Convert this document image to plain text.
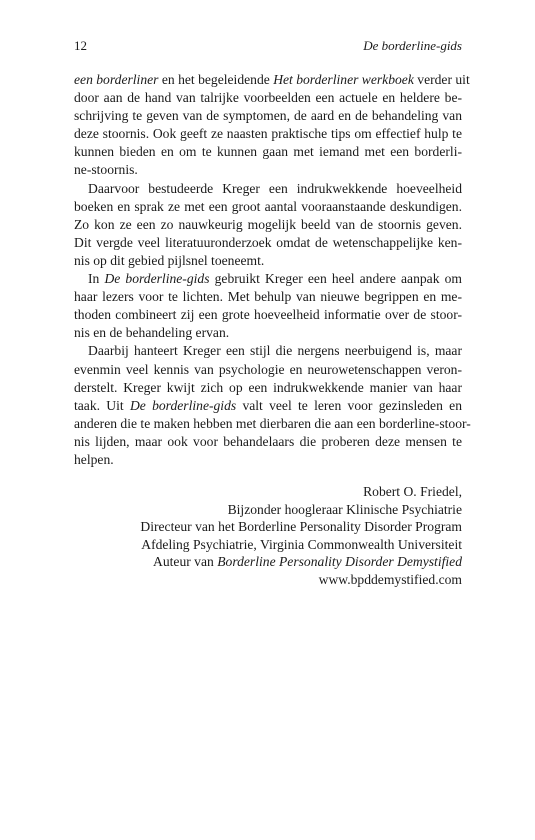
12	De borderline-gids
een borderliner en het begeleidende Het borderliner werkboek verder uit
door aan de hand van talrijke voorbeelden een actuele en heldere be-
schrijving te geven van de symptomen, de aard en de behandeling van
deze stoornis. Ook geeft ze naasten praktische tips om effectief hulp te
kunnen bieden en om te kunnen gaan met iemand met een borderli-
ne-stoornis.
Daarvoor bestudeerde Kreger een indrukwekkende hoeveelheid
boeken en sprak ze met een groot aantal vooraanstaande deskundigen.
Zo kon ze een zo nauwkeurig mogelijk beeld van de stoornis geven.
Dit vergde veel literatuuronderzoek omdat de wetenschappelijke ken-
nis op dit gebied pijlsnel toeneemt.
In De borderline-gids gebruikt Kreger een heel andere aanpak om
haar lezers voor te lichten. Met behulp van nieuwe begrippen en me-
thoden combineert zij een grote hoeveelheid informatie over de stoor-
nis en de behandeling ervan.
Daarbij hanteert Kreger een stijl die nergens neerbuigend is, maar
evenmin veel kennis van psychologie en neurowetenschappen veron-
derstelt. Kreger kwijt zich op een indrukwekkende manier van haar
taak. Uit De borderline-gids valt veel te leren voor gezinsleden en
anderen die te maken hebben met dierbaren die aan een borderline-stoor-
nis lijden, maar ook voor behandelaars die proberen deze mensen te
helpen.
Robert O. Friedel,
Bijzonder hoogleraar Klinische Psychiatrie
Directeur van het Borderline Personality Disorder Program
Afdeling Psychiatrie, Virginia Commonwealth Universiteit
Auteur van Borderline Personality Disorder Demystified
www.bpddemystified.com
